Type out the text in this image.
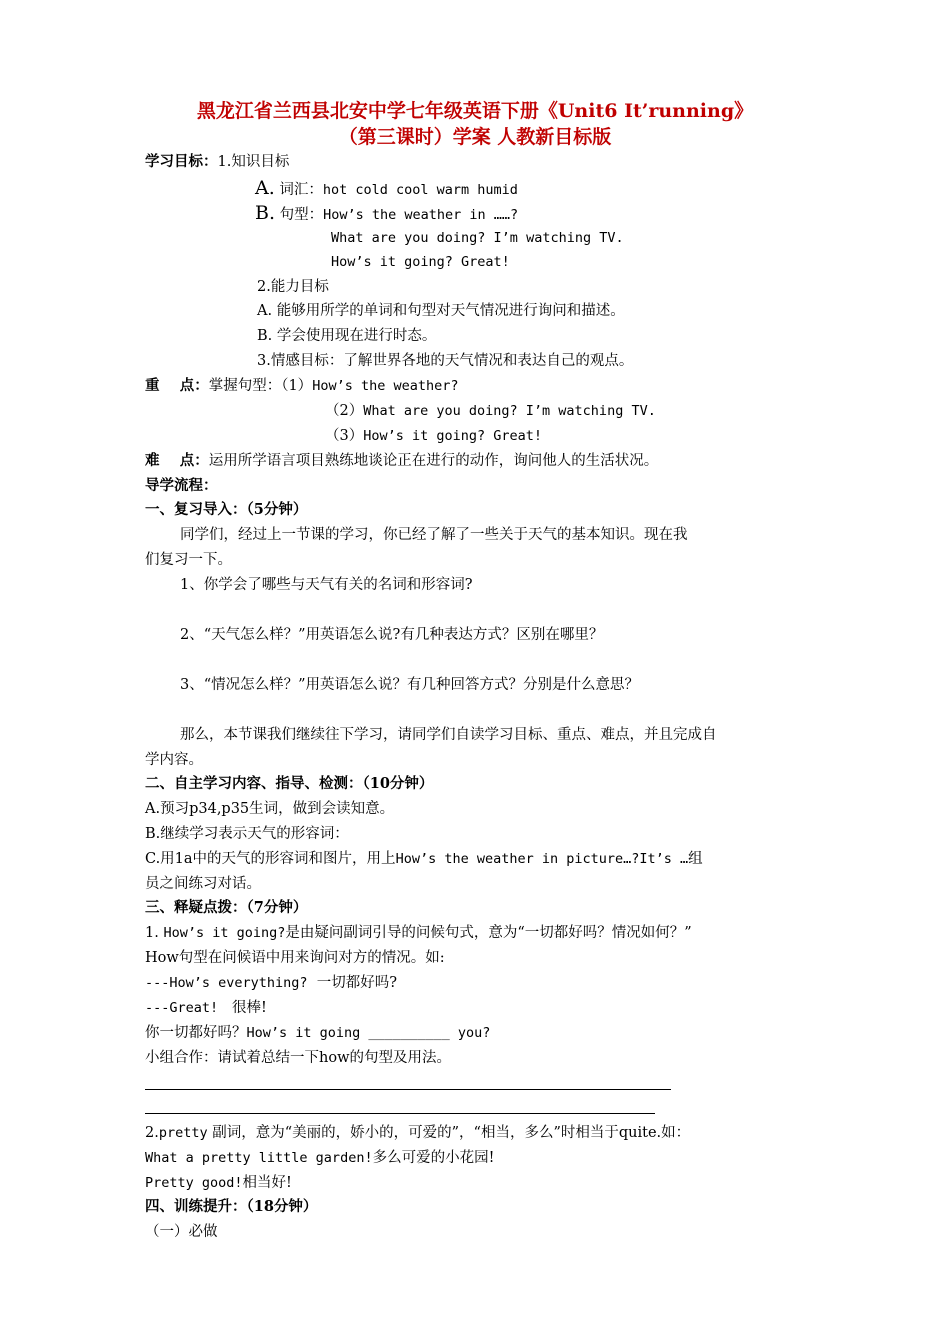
黑龙江省兰西县北安中学七年级英语下册《Unit6 It’running》
（第三课时）学案 人教新目标版
学习目标：1.知识目标
A. 词汇：hot cold cool warm humid
B. 句型：How’s the weather in ……?
What are you doing? I’m watching TV.
How’s it going? Great!
2.能力目标
A. 能够用所学的单词和句型对天气情况进行询问和描述。
B. 学会使用现在进行时态。
3.情感目标：了解世界各地的天气情况和表达自己的观点。
重    点：掌握句型：（1）How’s the weather?
（2）What are you doing? I’m watching TV.
（3）How’s it going? Great!
难    点：运用所学语言项目熟练地谈论正在进行的动作，询问他人的生活状况。
导学流程：
一、复习导入：（5分钟）
同学们，经过上一节课的学习，你已经了解了一些关于天气的基本知识。现在我
们复习一下。
1、你学会了哪些与天气有关的名词和形容词?
2、“天气怎么样？”用英语怎么说?有几种表达方式？区别在哪里？
3、“情况怎么样？”用英语怎么说？有几种回答方式？分别是什么意思？
那么，本节课我们继续往下学习，请同学们自读学习目标、重点、难点，并且完成自
学内容。
二、自主学习内容、指导、检测：（10分钟）
A.预习p34,p35生词，做到会读知意。
B.继续学习表示天气的形容词：
C.用1a中的天气的形容词和图片，用上How’s the weather in picture…?It’s …组
员之间练习对话。
三、释疑点拨：（7分钟）
1. How’s it going?是由疑问副词引导的问候句式，意为“一切都好吗？情况如何？”
How句型在问候语中用来询问对方的情况。如:
---How’s everything?  一切都好吗?
---Great!   很棒!
你一切都好吗？How’s it going __________ you?
小组合作：请试着总结一下how的句型及用法。
2.pretty 副词，意为“美丽的，娇小的，可爱的”，“相当，多么”时相当于quite.如：
What a pretty little garden!多么可爱的小花园!
Pretty good!相当好!
四、训练提升：（18分钟）
（一）必做
